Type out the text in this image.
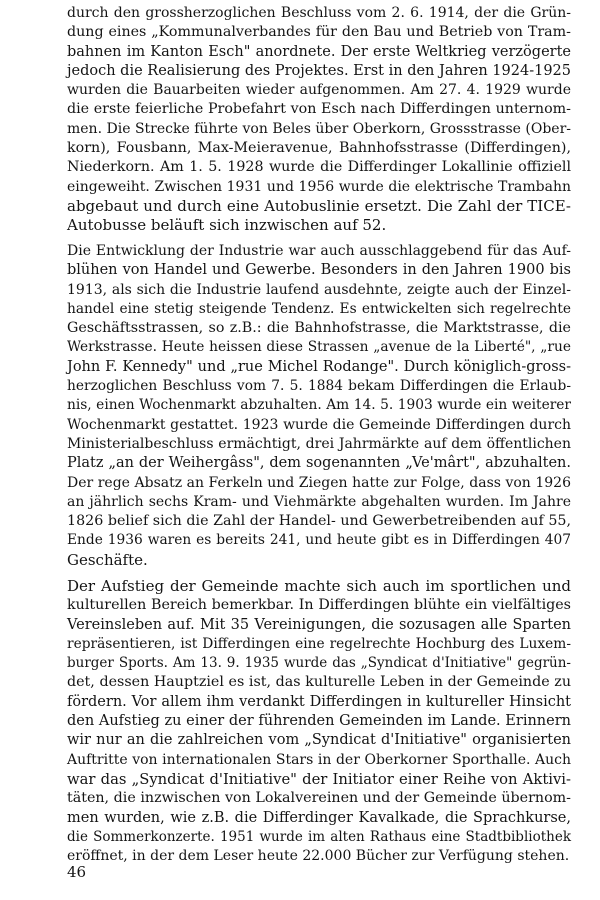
durch den grossherzoglichen Beschluss vom 2. 6. 1914, der die Grün-
dung eines „Kommunalverbandes für den Bau und Betrieb von Tram-
bahnen im Kanton Esch" anordnete. Der erste Weltkrieg verzögerte
jedoch die Realisierung des Projektes. Erst in den Jahren 1924-1925
wurden die Bauarbeiten wieder aufgenommen. Am 27. 4. 1929 wurde
die erste feierliche Probefahrt von Esch nach Differdingen unternom-
men. Die Strecke führte von Beles über Oberkorn, Grossstrasse (Ober-
korn), Fousbann, Max-Meieravenue, Bahnhofsstrasse (Differdingen),
Niederkorn. Am 1. 5. 1928 wurde die Differdinger Lokallinie offiziell
eingeweiht. Zwischen 1931 und 1956 wurde die elektrische Trambahn
abgebaut und durch eine Autobuslinie ersetzt. Die Zahl der TICE-
Autobusse beläuft sich inzwischen auf 52.
Die Entwicklung der Industrie war auch ausschlaggebend für das Auf-
blühen von Handel und Gewerbe. Besonders in den Jahren 1900 bis
1913, als sich die Industrie laufend ausdehnte, zeigte auch der Einzel-
handel eine stetig steigende Tendenz. Es entwickelten sich regelrechte
Geschäftsstrassen, so z.B.: die Bahnhofstrasse, die Marktstrasse, die
Werkstrasse. Heute heissen diese Strassen „avenue de la Liberté", „rue
John F. Kennedy" und „rue Michel Rodange". Durch königlich-gross-
herzoglichen Beschluss vom 7. 5. 1884 bekam Differdingen die Erlaub-
nis, einen Wochenmarkt abzuhalten. Am 14. 5. 1903 wurde ein weiterer
Wochenmarkt gestattet. 1923 wurde die Gemeinde Differdingen durch
Ministerialbeschluss ermächtigt, drei Jahrmärkte auf dem öffentlichen
Platz „an der Weihergâss", dem sogenannten „Ve'mârt", abzuhalten.
Der rege Absatz an Ferkeln und Ziegen hatte zur Folge, dass von 1926
an jährlich sechs Kram- und Viehmärkte abgehalten wurden. Im Jahre
1826 belief sich die Zahl der Handel- und Gewerbetreibenden auf 55,
Ende 1936 waren es bereits 241, und heute gibt es in Differdingen 407
Geschäfte.
Der Aufstieg der Gemeinde machte sich auch im sportlichen und
kulturellen Bereich bemerkbar. In Differdingen blühte ein vielfältiges
Vereinsleben auf. Mit 35 Vereinigungen, die sozusagen alle Sparten
repräsentieren, ist Differdingen eine regelrechte Hochburg des Luxem-
burger Sports. Am 13. 9. 1935 wurde das „Syndicat d'Initiative" gegrün-
det, dessen Hauptziel es ist, das kulturelle Leben in der Gemeinde zu
fördern. Vor allem ihm verdankt Differdingen in kultureller Hinsicht
den Aufstieg zu einer der führenden Gemeinden im Lande. Erinnern
wir nur an die zahlreichen vom „Syndicat d'Initiative" organisierten
Auftritte von internationalen Stars in der Oberkorner Sporthalle. Auch
war das „Syndicat d'Initiative" der Initiator einer Reihe von Aktivi-
täten, die inzwischen von Lokalvereinen und der Gemeinde übernom-
men wurden, wie z.B. die Differdinger Kavalkade, die Sprachkurse,
die Sommerkonzerte. 1951 wurde im alten Rathaus eine Stadtbibliothek
eröffnet, in der dem Leser heute 22.000 Bücher zur Verfügung stehen.
46
